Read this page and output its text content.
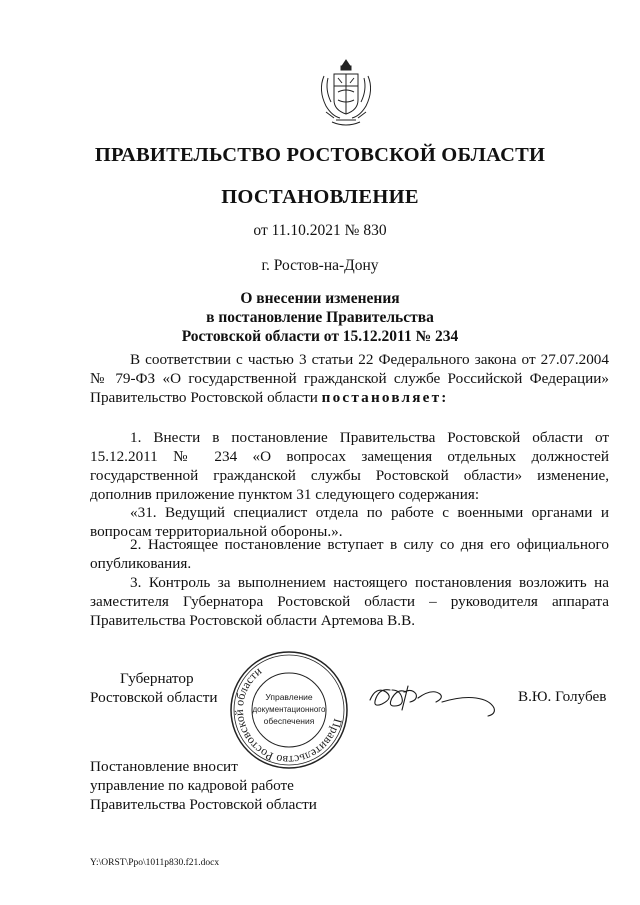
ПРАВИТЕЛЬСТВО РОСТОВСКОЙ ОБЛАСТИ
ПОСТАНОВЛЕНИЕ
от 11.10.2021 № 830
г. Ростов-на-Дону
О внесении изменения
в постановление Правительства
Ростовской области от 15.12.2011 № 234
В соответствии с частью 3 статьи 22 Федерального закона от 27.07.2004 № 79-ФЗ «О государственной гражданской службе Российской Федерации» Правительство Ростовской области постановляет:
1. Внести в постановление Правительства Ростовской области от 15.12.2011 № 234 «О вопросах замещения отдельных должностей государственной гражданской службы Ростовской области» изменение, дополнив приложение пунктом 31 следующего содержания:
«31. Ведущий специалист отдела по работе с военными органами и вопросам территориальной обороны.».
2. Настоящее постановление вступает в силу со дня его официального опубликования.
3. Контроль за выполнением настоящего постановления возложить на заместителя Губернатора Ростовской области – руководителя аппарата Правительства Ростовской области Артемова В.В.
Губернатор
Ростовской области
Правительство Ростовской области
Управление
документационного
обеспечения
В.Ю. Голубев
Постановление вносит
управление по кадровой работе
Правительства Ростовской области
Y:\ORST\Ppo\1011p830.f21.docx
